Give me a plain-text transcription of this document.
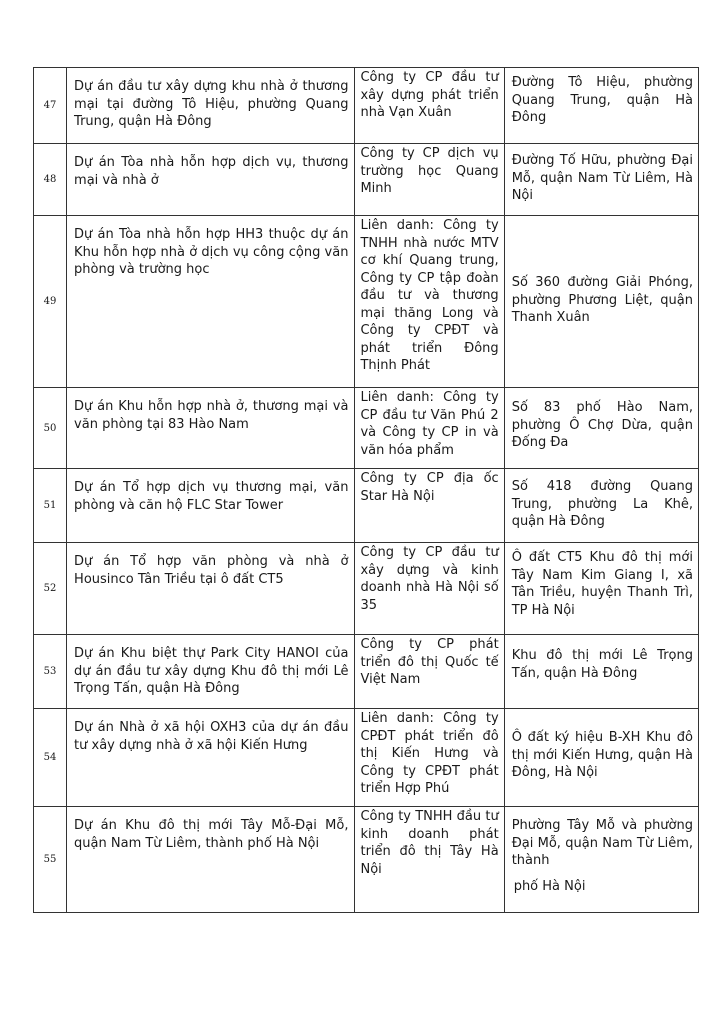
47	Dự án đầu tư xây dựng khu nhà ở thương mại tại đường Tô Hiệu, phường Quang Trung, quận Hà Đông	Công ty CP đầu tư xây dựng phát triển nhà Vạn Xuân	Đường Tô Hiệu, phường Quang Trung, quận Hà Đông

48	Dự án Tòa nhà hỗn hợp dịch vụ, thương mại và nhà ở	Công ty CP dịch vụ trường học Quang Minh	Đường Tố Hữu, phường Đại Mỗ, quận Nam Từ Liêm, Hà Nội

49	Dự án Tòa nhà hỗn hợp HH3 thuộc dự án Khu hỗn hợp nhà ở dịch vụ công cộng văn phòng và trường học	Liên danh: Công ty TNHH nhà nước MTV cơ khí Quang trung, Công ty CP tập đoàn đầu tư và thương mại thăng Long và Công ty CPĐT và phát triển Đông Thịnh Phát	Số 360 đường Giải Phóng, phường Phương Liệt, quận Thanh Xuân

50	Dự án Khu hỗn hợp nhà ở, thương mại và văn phòng tại 83 Hào Nam	Liên danh: Công ty CP đầu tư Văn Phú 2 và Công ty CP in và văn hóa phẩm	Số 83 phố Hào Nam, phường Ô Chợ Dừa, quận Đống Đa

51	Dự án Tổ hợp dịch vụ thương mại, văn phòng và căn hộ FLC Star Tower	Công ty CP địa ốc Star Hà Nội	Số 418 đường Quang Trung, phường La Khê, quận Hà Đông

52	Dự án Tổ hợp văn phòng và nhà ở Housinco Tân Triều tại ô đất CT5	Công ty CP đầu tư xây dựng và kinh doanh nhà Hà Nội số 35	Ô đất CT5 Khu đô thị mới Tây Nam Kim Giang I, xã Tân Triều, huyện Thanh Trì, TP Hà Nội

53	Dự án Khu biệt thự Park City HANOI của dự án đầu tư xây dựng Khu đô thị mới Lê Trọng Tấn, quận Hà Đông	Công ty CP phát triển đô thị Quốc tế Việt Nam	Khu đô thị mới Lê Trọng Tấn, quận Hà Đông

54	Dự án Nhà ở xã hội OXH3 của dự án đầu tư xây dựng nhà ở xã hội Kiến Hưng	Liên danh: Công ty CPĐT phát triển đô thị Kiến Hưng và Công ty CPĐT phát triển Hợp Phú	Ô đất ký hiệu B-XH Khu đô thị mới Kiến Hưng, quận Hà Đông, Hà Nội

55	Dự án Khu đô thị mới Tây Mỗ-Đại Mỗ, quận Nam Từ Liêm, thành phố Hà Nội	Công ty TNHH đầu tư kinh doanh phát triển đô thị Tây Hà Nội	Phường Tây Mỗ và phường Đại Mỗ, quận Nam Từ Liêm, thành
phố Hà Nội
